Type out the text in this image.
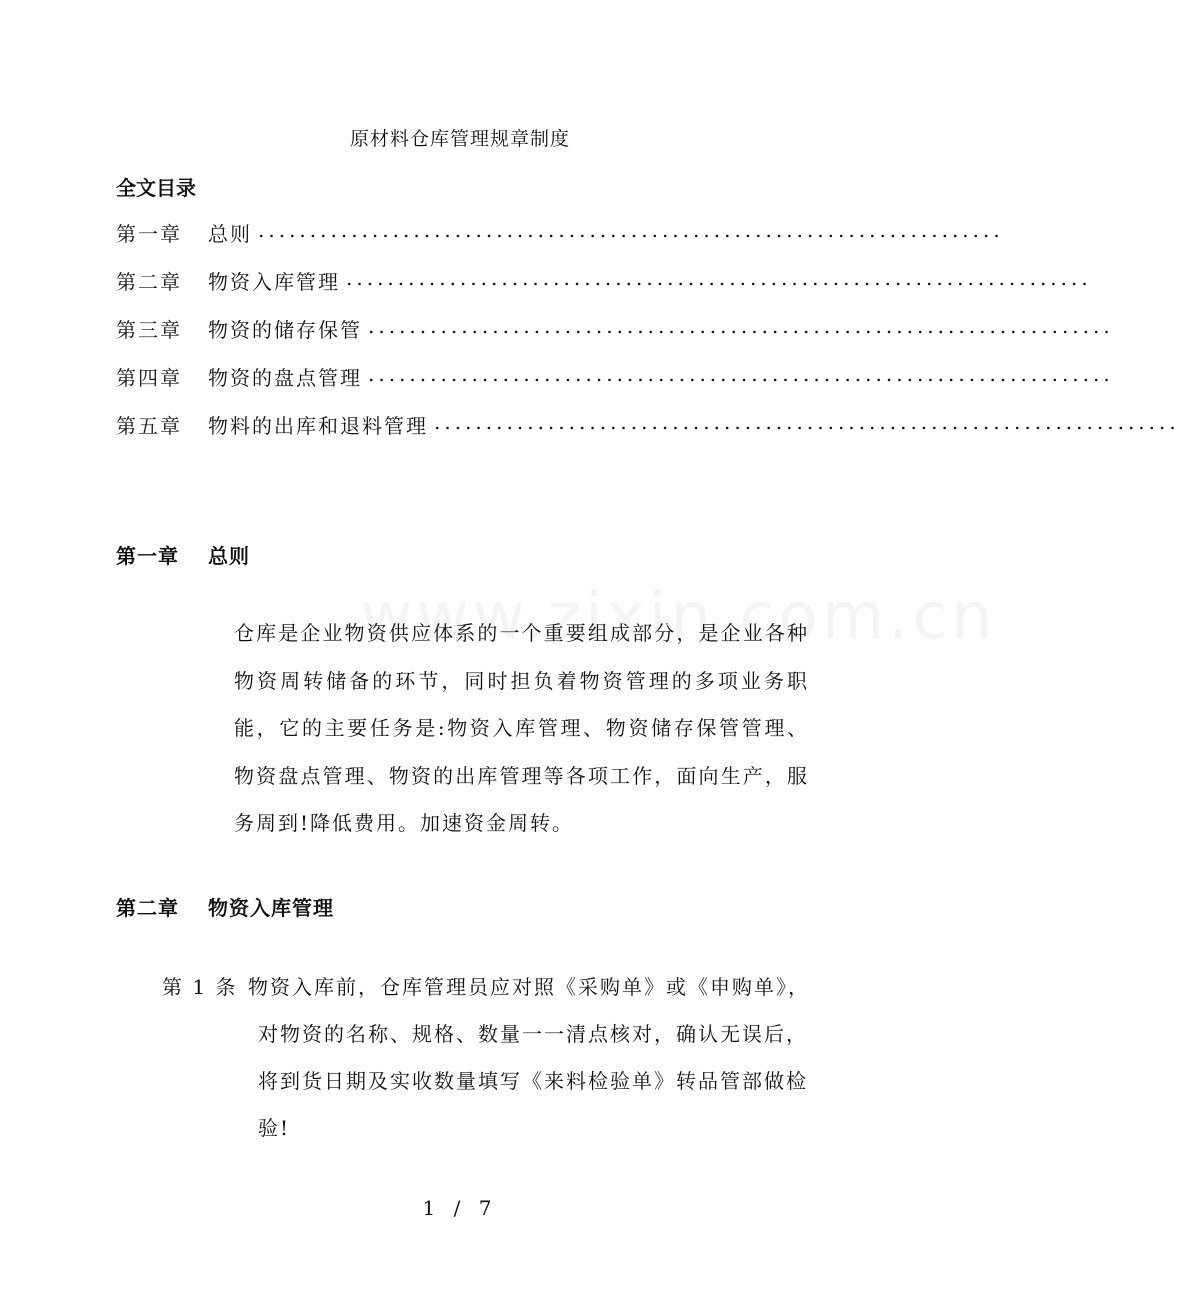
原材料仓库管理规章制度
全文目录
第一章	总则 ........................................................................
第二章	物资入库管理 ........................................................................
第三章	物资的储存保管 ........................................................................
第四章	物资的盘点管理 ........................................................................
第五章	物料的出库和退料管理 ........................................................................
第一章 总则

仓库是企业物资供应体系的一个重要组成部分，是企业各种物资周转储备的环节，同时担负着物资管理的多项业务职能，它的主要任务是:物资入库管理、物资储存保管管理、物资盘点管理、物资的出库管理等各项工作，面向生产，服务周到!降低费用。加速资金周转。

第二章 物资入库管理
第 1 条 物资入库前，仓库管理员应对照《采购单》或《申购单》，对物资的名称、规格、数量一一清点核对，确认无误后，将到货日期及实收数量填写《来料检验单》转品管部做检验!
1 / 7
